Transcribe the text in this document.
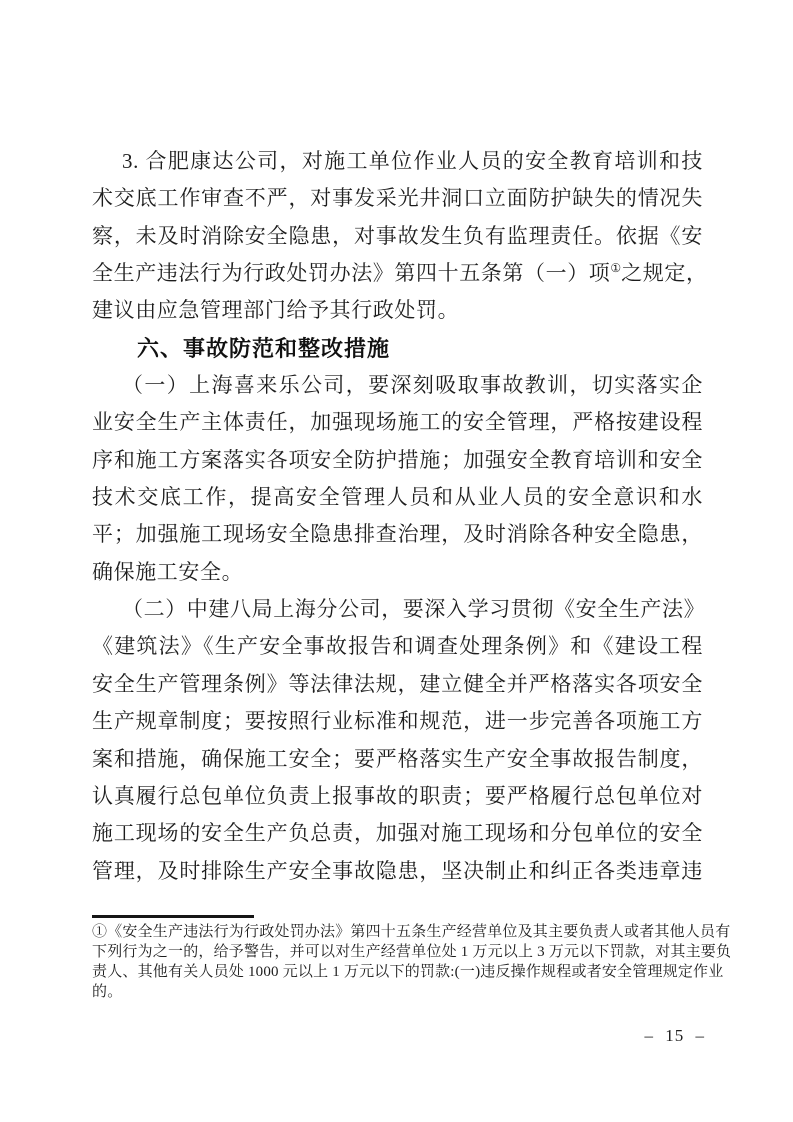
3. 合肥康达公司，对施工单位作业人员的安全教育培训和技
术交底工作审查不严，对事发采光井洞口立面防护缺失的情况失
察，未及时消除安全隐患，对事故发生负有监理责任。依据《安
全生产违法行为行政处罚办法》第四十五条第（一）项①之规定，
建议由应急管理部门给予其行政处罚。
六、事故防范和整改措施
（一）上海喜来乐公司，要深刻吸取事故教训，切实落实企
业安全生产主体责任，加强现场施工的安全管理，严格按建设程
序和施工方案落实各项安全防护措施；加强安全教育培训和安全
技术交底工作，提高安全管理人员和从业人员的安全意识和水
平；加强施工现场安全隐患排查治理，及时消除各种安全隐患，
确保施工安全。
（二）中建八局上海分公司，要深入学习贯彻《安全生产法》
《建筑法》《生产安全事故报告和调查处理条例》和《建设工程
安全生产管理条例》等法律法规，建立健全并严格落实各项安全
生产规章制度；要按照行业标准和规范，进一步完善各项施工方
案和措施，确保施工安全；要严格落实生产安全事故报告制度，
认真履行总包单位负责上报事故的职责；要严格履行总包单位对
施工现场的安全生产负总责，加强对施工现场和分包单位的安全
管理，及时排除生产安全事故隐患，坚决制止和纠正各类违章违
①《安全生产违法行为行政处罚办法》第四十五条生产经营单位及其主要负责人或者其他人员有
下列行为之一的，给予警告，并可以对生产经营单位处 1 万元以上 3 万元以下罚款，对其主要负
责人、其他有关人员处 1000 元以上 1 万元以下的罚款:(一)违反操作规程或者安全管理规定作业
的。
– 15 –
